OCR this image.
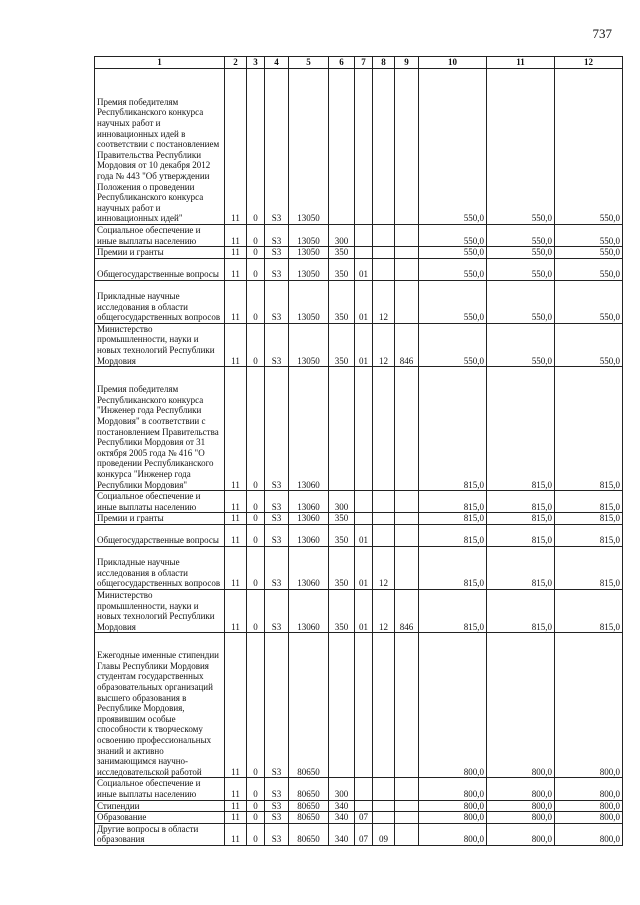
737
1	2	3	4	5	6	7	8	9	10	11	12
Премия победителям Республиканского конкурса научных работ и инновационных идей в соответствии с постановлением Правительства Республики Мордовия от 10 декабря 2012 года № 443 "Об утверждении Положения о проведении Республиканского конкурса научных работ и инновационных идей"	11	0	S3	13050					550,0	550,0	550,0
Социальное обеспечение и иные выплаты населению	11	0	S3	13050	300				550,0	550,0	550,0
Премии и гранты	11	0	S3	13050	350				550,0	550,0	550,0
Общегосударственные вопросы	11	0	S3	13050	350	01			550,0	550,0	550,0
Прикладные научные исследования в области общегосударственных вопросов	11	0	S3	13050	350	01	12		550,0	550,0	550,0
Министерство промышленности, науки и новых технологий Республики Мордовия	11	0	S3	13050	350	01	12	846	550,0	550,0	550,0
Премия победителям Республиканского конкурса "Инженер года Республики Мордовия" в соответствии с постановлением Правительства Республики Мордовия от 31 октября 2005 года № 416 "О проведении Республиканского конкурса "Инженер года Республики Мордовия"	11	0	S3	13060					815,0	815,0	815,0
Социальное обеспечение и иные выплаты населению	11	0	S3	13060	300				815,0	815,0	815,0
Премии и гранты	11	0	S3	13060	350				815,0	815,0	815,0
Общегосударственные вопросы	11	0	S3	13060	350	01			815,0	815,0	815,0
Прикладные научные исследования в области общегосударственных вопросов	11	0	S3	13060	350	01	12		815,0	815,0	815,0
Министерство промышленности, науки и новых технологий Республики Мордовия	11	0	S3	13060	350	01	12	846	815,0	815,0	815,0
Ежегодные именные стипендии Главы Республики Мордовия студентам государственных образовательных организаций высшего образования в Республике Мордовия, проявившим особые способности к творческому освоению профессиональных знаний и активно занимающимся научно-исследовательской работой	11	0	S3	80650					800,0	800,0	800,0
Социальное обеспечение и иные выплаты населению	11	0	S3	80650	300				800,0	800,0	800,0
Стипендии	11	0	S3	80650	340				800,0	800,0	800,0
Образование	11	0	S3	80650	340	07			800,0	800,0	800,0
Другие вопросы в области образования	11	0	S3	80650	340	07	09		800,0	800,0	800,0
